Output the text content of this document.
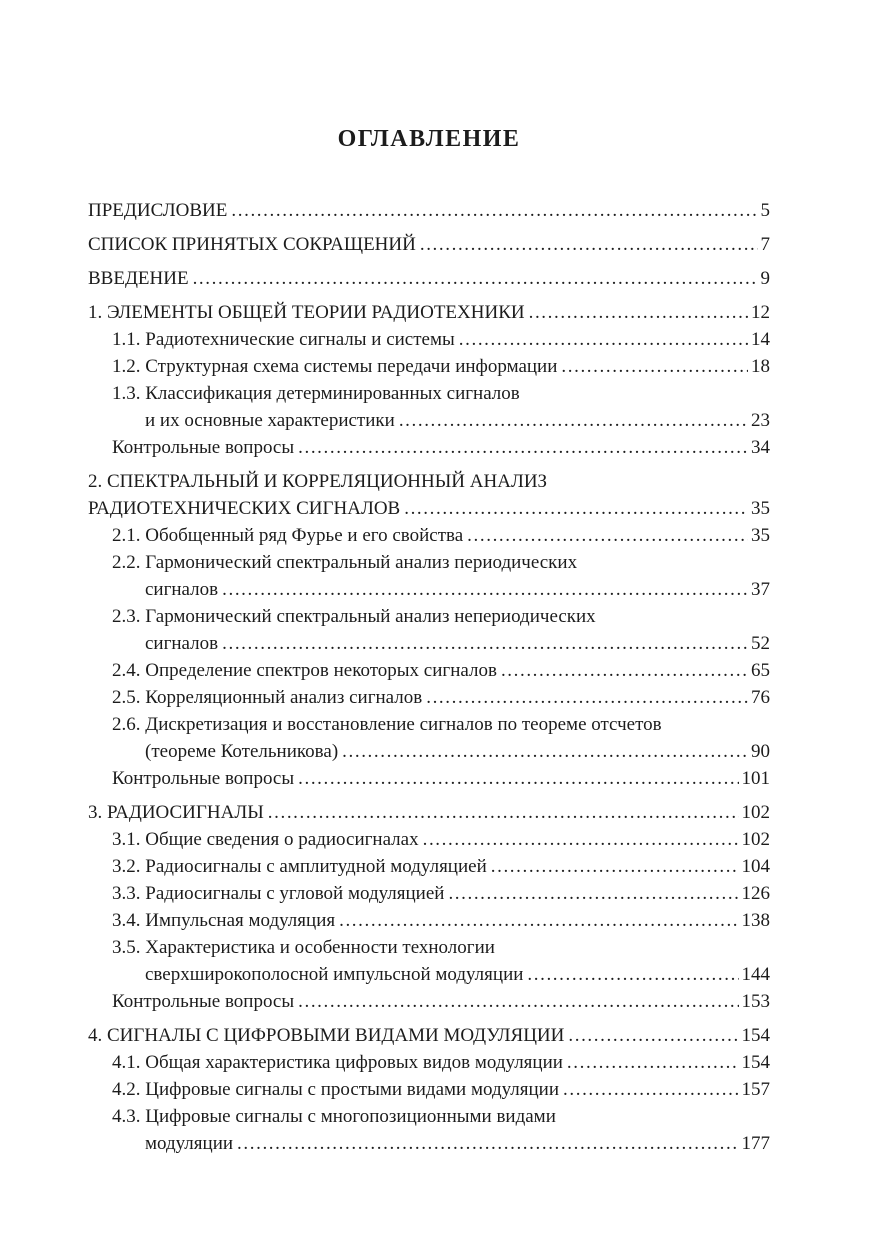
ОГЛАВЛЕНИЕ
ПРЕДИСЛОВИЕ .....	5
СПИСОК ПРИНЯТЫХ СОКРАЩЕНИЙ .....	7
ВВЕДЕНИЕ .....	9
1. ЭЛЕМЕНТЫ ОБЩЕЙ ТЕОРИИ РАДИОТЕХНИКИ .....	12
1.1. Радиотехнические сигналы и системы .....	14
1.2. Структурная схема системы передачи информации .....	18
1.3. Классификация детерминированных сигналов
и их основные характеристики .....	23
Контрольные вопросы .....	34
2. СПЕКТРАЛЬНЫЙ И КОРРЕЛЯЦИОННЫЙ АНАЛИЗ
РАДИОТЕХНИЧЕСКИХ СИГНАЛОВ .....	35
2.1. Обобщенный ряд Фурье и его свойства .....	35
2.2. Гармонический спектральный анализ периодических
сигналов .....	37
2.3. Гармонический спектральный анализ непериодических
сигналов .....	52
2.4. Определение спектров некоторых сигналов .....	65
2.5. Корреляционный анализ сигналов .....	76
2.6. Дискретизация и восстановление сигналов по теореме отсчетов
(теореме Котельникова) .....	90
Контрольные вопросы .....	101
3. РАДИОСИГНАЛЫ .....	102
3.1. Общие сведения о радиосигналах .....	102
3.2. Радиосигналы с амплитудной модуляцией .....	104
3.3. Радиосигналы с угловой модуляцией .....	126
3.4. Импульсная модуляция .....	138
3.5. Характеристика и особенности технологии
сверхширокополосной импульсной модуляции .....	144
Контрольные вопросы .....	153
4. СИГНАЛЫ С ЦИФРОВЫМИ ВИДАМИ МОДУЛЯЦИИ .....	154
4.1. Общая характеристика цифровых видов модуляции .....	154
4.2. Цифровые сигналы с простыми видами модуляции .....	157
4.3. Цифровые сигналы с многопозиционными видами
модуляции .....	177
